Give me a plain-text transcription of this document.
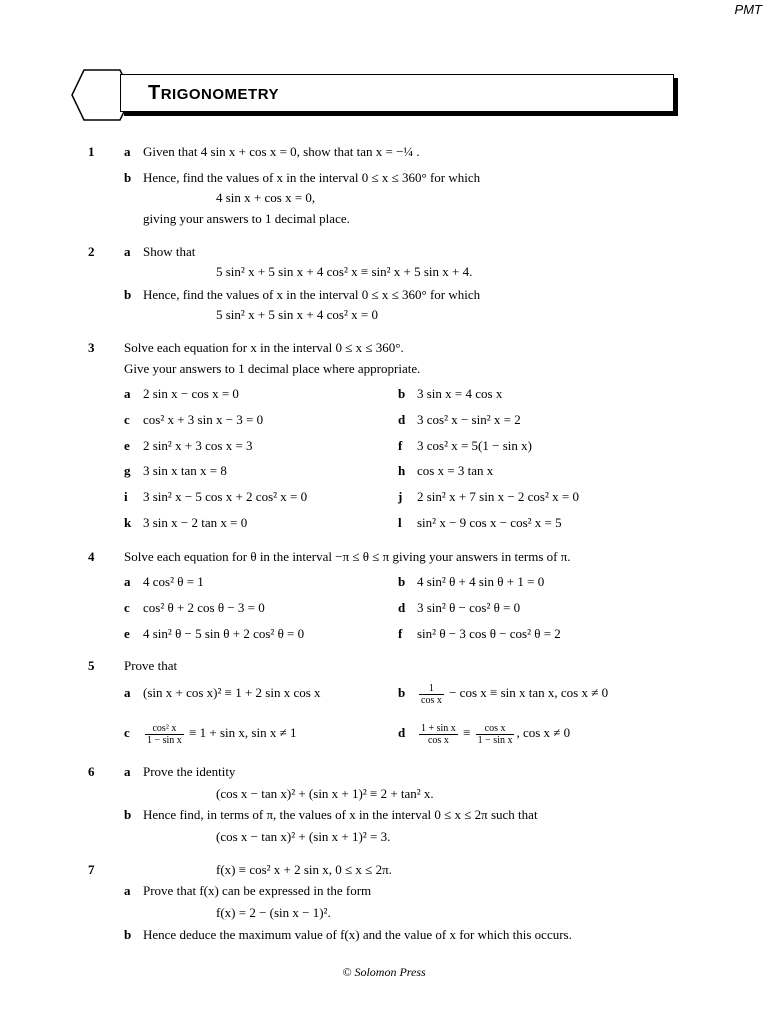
PMT
TRIGONOMETRY
1 a Given that 4 sin x + cos x = 0, show that tan x = −¼ .
b Hence, find the values of x in the interval 0 ≤ x ≤ 360° for which
4 sin x + cos x = 0,
giving your answers to 1 decimal place.
2 a Show that
5 sin² x + 5 sin x + 4 cos² x ≡ sin² x + 5 sin x + 4.
b Hence, find the values of x in the interval 0 ≤ x ≤ 360° for which
5 sin² x + 5 sin x + 4 cos² x = 0
3 Solve each equation for x in the interval 0 ≤ x ≤ 360°.
Give your answers to 1 decimal place where appropriate.
a 2 sin x − cos x = 0	b 3 sin x = 4 cos x
c cos² x + 3 sin x − 3 = 0	d 3 cos² x − sin² x = 2
e 2 sin² x + 3 cos x = 3	f 3 cos² x = 5(1 − sin x)
g 3 sin x tan x = 8	h cos x = 3 tan x
i 3 sin² x − 5 cos x + 2 cos² x = 0	j 2 sin² x + 7 sin x − 2 cos² x = 0
k 3 sin x − 2 tan x = 0	l sin² x − 9 cos x − cos² x = 5
4 Solve each equation for θ in the interval −π ≤ θ ≤ π giving your answers in terms of π.
a 4 cos² θ = 1	b 4 sin² θ + 4 sin θ + 1 = 0
c cos² θ + 2 cos θ − 3 = 0	d 3 sin² θ − cos² θ = 0
e 4 sin² θ − 5 sin θ + 2 cos² θ = 0	f sin² θ − 3 cos θ − cos² θ = 2
5 Prove that
a (sin x + cos x)² ≡ 1 + 2 sin x cos x	b $\frac{1}{\text{cos x}} - \cos x \equiv \sin x$ tan x, cos x ≠ 0
c $\frac{\text{cos² x}}{\text{1 − sin x}} \equiv 1 + \sin x$, sin x ≠ 1	d $\frac{\text{1 + sin x}}{\text{cos x}} \equiv \frac{\text{cos x}}{\text{1 − sin x}}$ , cos x ≠ 0
6 a Prove the identity
(cos x − tan x)² + (sin x + 1)² ≡ 2 + tan² x.
b Hence find, in terms of π, the values of x in the interval 0 ≤ x ≤ 2π such that
(cos x − tan x)² + (sin x + 1)² = 3.
7	f(x) ≡ cos² x + 2 sin x, 0 ≤ x ≤ 2π.
a Prove that f(x) can be expressed in the form
f(x) = 2 − (sin x − 1)².
b Hence deduce the maximum value of f(x) and the value of x for which this occurs.
© Solomon Press
